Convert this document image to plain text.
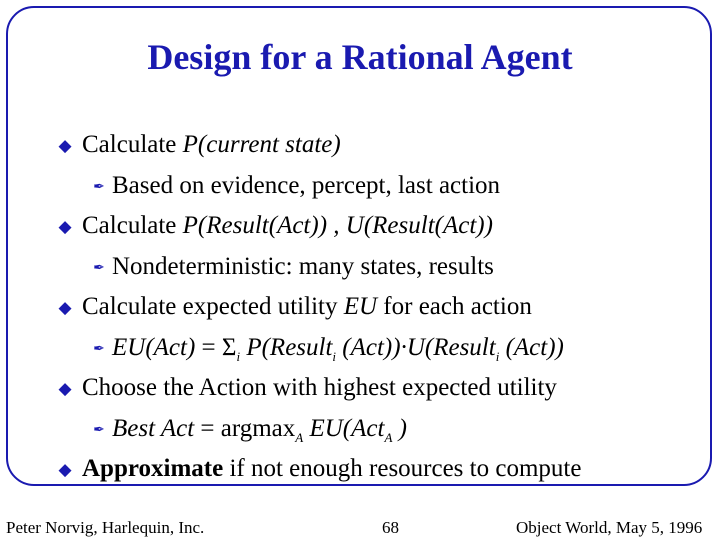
Design for a Rational Agent
◆ Calculate P(current state)
✒ Based on evidence, percept, last action
◆ Calculate P(Result(Act)) , U(Result(Act))
✒ Nondeterministic: many states, results
◆ Calculate expected utility EU for each action
✒ $EU(Act) = \Sigma_i$ P(Result$_i$ (Act))·U(Result$_i$ (Act))
◆ Choose the Action with highest expected utility
✒ Best Act = argmax$_A$ EU(Act$_A$ )
◆ Approximate if not enough resources to compute
Peter Norvig, Harlequin, Inc.	68	Object World, May 5, 1996
